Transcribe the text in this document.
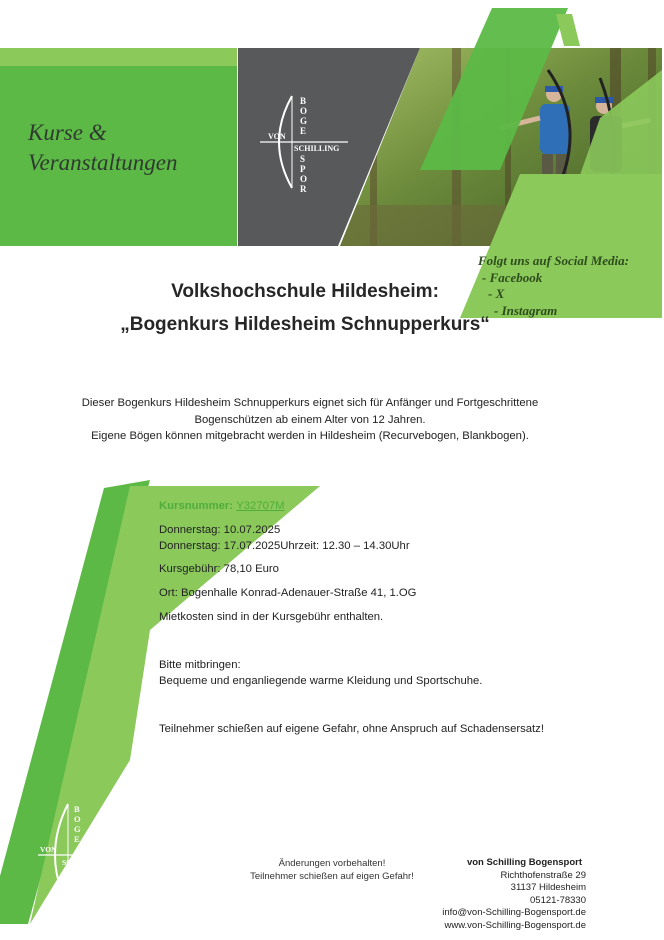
Kurse &
Veranstaltungen
B
O
G
E
VON
SCHILLING
S
P
O
R
Folgt uns auf Social Media:
- Facebook
- X
- Instagram
Volkshochschule Hildesheim:
„Bogenkurs Hildesheim Schnupperkurs“
Dieser Bogenkurs Hildesheim Schnupperkurs eignet sich für Anfänger und Fortgeschrittene
Bogenschützen ab einem Alter von 12 Jahren.
Eigene Bögen können mitgebracht werden in Hildesheim (Recurvebogen, Blankbogen).
Kursnummer: Y32707M
Donnerstag: 10.07.2025
Donnerstag: 17.07.2025Uhrzeit: 12.30 – 14.30Uhr
Kursgebühr: 78,10 Euro
Ort: Bogenhalle Konrad-Adenauer-Straße 41, 1.OG
Mietkosten sind in der Kursgebühr enthalten.
Bitte mitbringen:
Bequeme und enganliegende warme Kleidung und Sportschuhe.
Teilnehmer schießen auf eigene Gefahr, ohne Anspruch auf Schadensersatz!
B
O
G
E
VON
SCHILLING
S
P
O
T
Änderungen vorbehalten!
Teilnehmer schießen auf eigen Gefahr!
von Schilling Bogensport
Richthofenstraße 29
31137 Hildesheim
05121-78330
info@von-Schilling-Bogensport.de
www.von-Schilling-Bogensport.de
